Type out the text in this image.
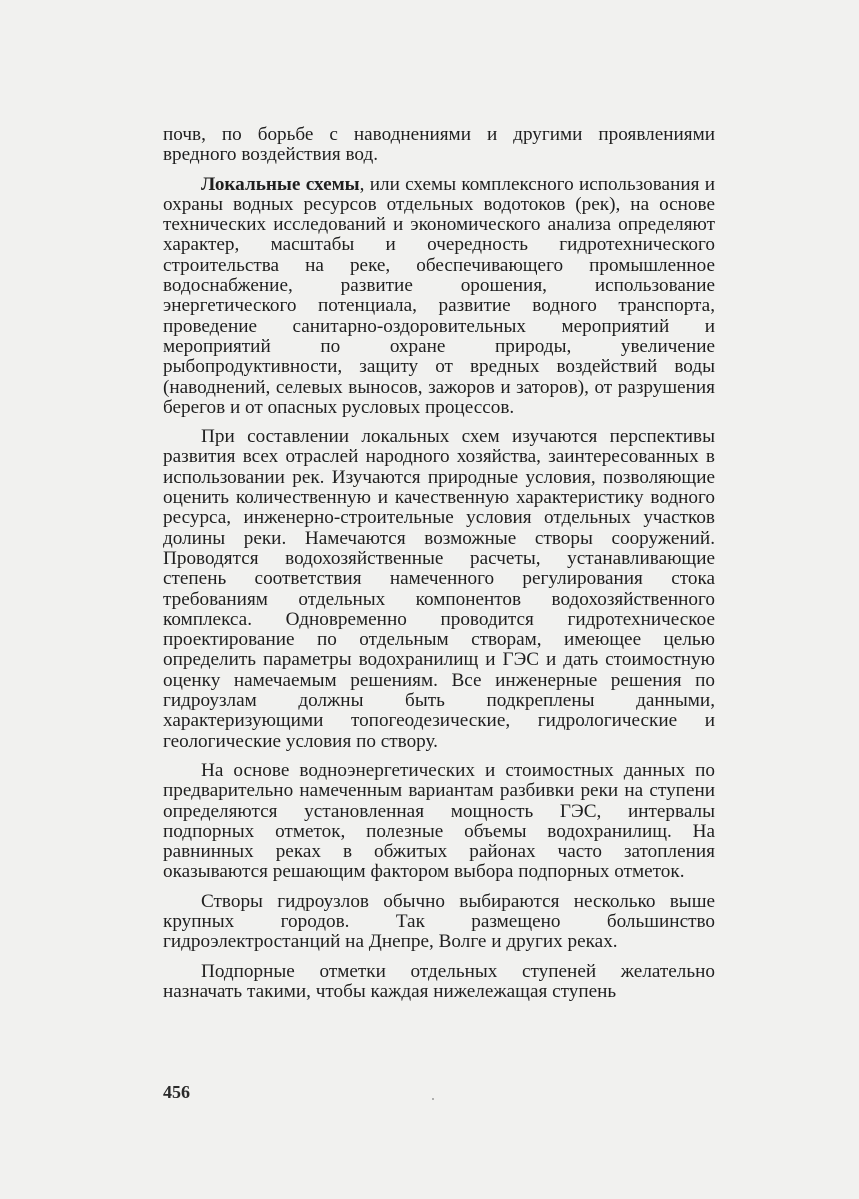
почв, по борьбе с наводнениями и другими проявлениями вредного воздействия вод.

Локальные схемы, или схемы комплексного использования и охраны водных ресурсов отдельных водотоков (рек), на основе технических исследований и экономического анализа определяют характер, масштабы и очередность гидротехнического строительства на реке, обеспечивающего промышленное водоснабжение, развитие орошения, использование энергетического потенциала, развитие водного транспорта, проведение санитарно-оздоровительных мероприятий и мероприятий по охране природы, увеличение рыбопродуктивности, защиту от вредных воздействий воды (наводнений, селевых выносов, зажоров и заторов), от разрушения берегов и от опасных русловых процессов.

При составлении локальных схем изучаются перспективы развития всех отраслей народного хозяйства, заинтересованных в использовании рек. Изучаются природные условия, позволяющие оценить количественную и качественную характеристику водного ресурса, инженерно-строительные условия отдельных участков долины реки. Намечаются возможные створы сооружений. Проводятся водохозяйственные расчеты, устанавливающие степень соответствия намеченного регулирования стока требованиям отдельных компонентов водохозяйственного комплекса. Одновременно проводится гидротехническое проектирование по отдельным створам, имеющее целью определить параметры водохранилищ и ГЭС и дать стоимостную оценку намечаемым решениям. Все инженерные решения по гидроузлам должны быть подкреплены данными, характеризующими топогеодезические, гидрологические и геологические условия по створу.

На основе водноэнергетических и стоимостных данных по предварительно намеченным вариантам разбивки реки на ступени определяются установленная мощность ГЭС, интервалы подпорных отметок, полезные объемы водохранилищ. На равнинных реках в обжитых районах часто затопления оказываются решающим фактором выбора подпорных отметок.

Створы гидроузлов обычно выбираются несколько выше крупных городов. Так размещено большинство гидроэлектростанций на Днепре, Волге и других реках.

Подпорные отметки отдельных ступеней желательно назначать такими, чтобы каждая нижележащая ступень

456
